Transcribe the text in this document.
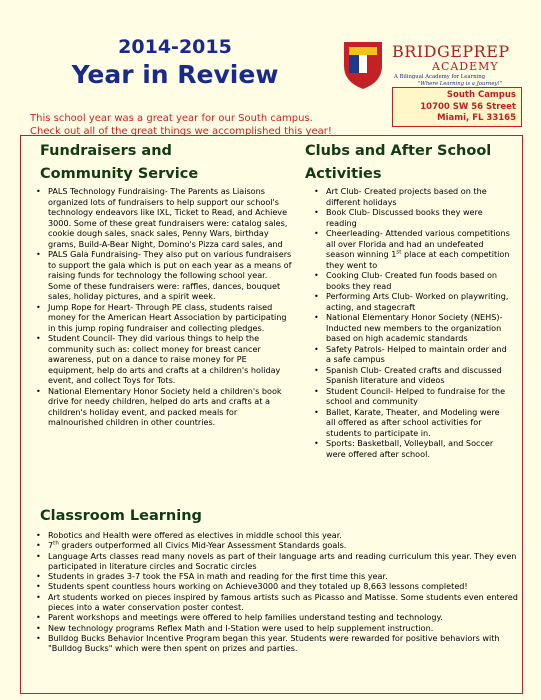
2014-2015
Year in Review
BRIDGEPREP
ACADEMY
A Bilingual Academy for Learning
"Where Learning is a Journey!"
South Campus
10700 SW 56 Street
Miami, FL 33165
This school year was a great year for our South campus.
Check out all of the great things we accomplished this year!
Fundraisers and
Community Service
Clubs and After School
Activities
• PALS Technology Fundraising- The Parents as Liaisons organized lots of fundraisers to help support our school's technology endeavors like IXL, Ticket to Read, and Achieve 3000. Some of these great fundraisers were: catalog sales, cookie dough sales, snack sales, Penny Wars, birthday grams, Build-A-Bear Night, Domino's Pizza card sales, and
• PALS Gala Fundraising- They also put on various fundraisers to support the gala which is put on each year as a means of raising funds for technology the following school year. Some of these fundraisers were: raffles, dances, bouquet sales, holiday pictures, and a spirit week.
• Jump Rope for Heart- Through PE class, students raised money for the American Heart Association by participating in this jump roping fundraiser and collecting pledges.
• Student Council- They did various things to help the community such as: collect money for breast cancer awareness, put on a dance to raise money for PE equipment, help do arts and crafts at a children's holiday event, and collect Toys for Tots.
• National Elementary Honor Society held a children's book drive for needy children, helped do arts and crafts at a children's holiday event, and packed meals for malnourished children in other countries.
• Art Club- Created projects based on the different holidays
• Book Club- Discussed books they were reading
• Cheerleading- Attended various competitions all over Florida and had an undefeated season winning 1st place at each competition they went to
• Cooking Club- Created fun foods based on books they read
• Performing Arts Club- Worked on playwriting, acting, and stagecraft
• National Elementary Honor Society (NEHS)- Inducted new members to the organization based on high academic standards
• Safety Patrols- Helped to maintain order and a safe campus
• Spanish Club- Created crafts and discussed Spanish literature and videos
• Student Council- Helped to fundraise for the school and community
• Ballet, Karate, Theater, and Modeling were all offered as after school activities for students to participate in.
• Sports: Basketball, Volleyball, and Soccer were offered after school.
Classroom Learning
• Robotics and Health were offered as electives in middle school this year.
• 7th graders outperformed all Civics Mid-Year Assessment Standards goals.
• Language Arts classes read many novels as part of their language arts and reading curriculum this year. They even participated in literature circles and Socratic circles
• Students in grades 3-7 took the FSA in math and reading for the first time this year.
• Students spent countless hours working on Achieve3000 and they totaled up 8,663 lessons completed!
• Art students worked on pieces inspired by famous artists such as Picasso and Matisse. Some students even entered pieces into a water conservation poster contest.
• Parent workshops and meetings were offered to help families understand testing and technology.
• New technology programs Reflex Math and I-Station were used to help supplement instruction.
• Bulldog Bucks Behavior Incentive Program began this year. Students were rewarded for positive behaviors with "Bulldog Bucks" which were then spent on prizes and parties.
